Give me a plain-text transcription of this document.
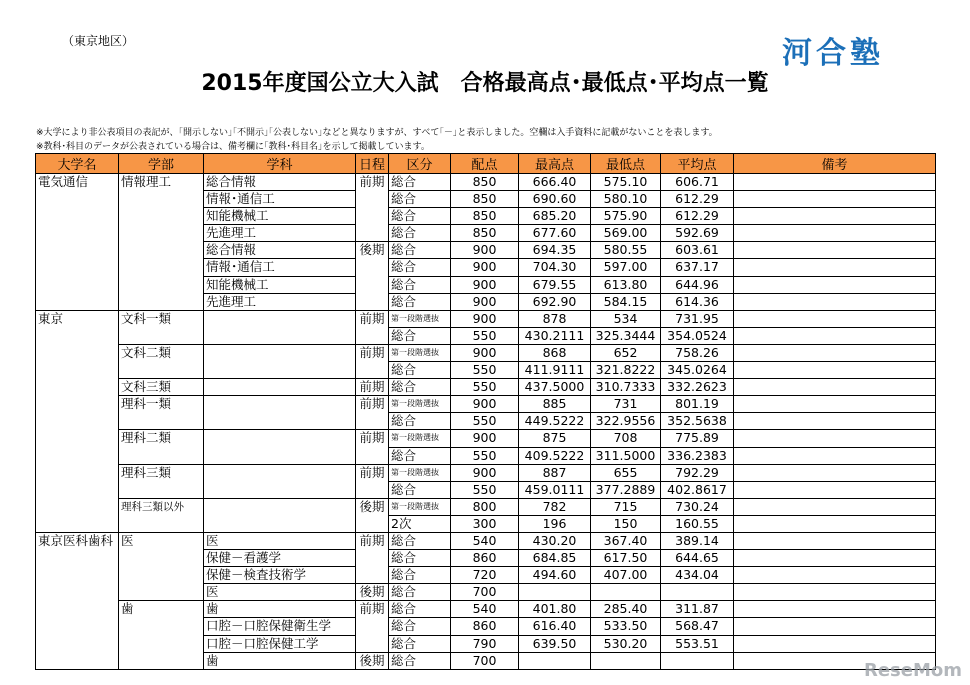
（東京地区）	河合塾
2015年度国公立大入試　合格最高点･最低点･平均点一覧
※大学により非公表項目の表記が、｢開示しない｣｢不開示｣｢公表しない｣などと異なりますが、すべて｢－｣と表示しました。空欄は入手資料に記載がないことを表します。
※教科･科目のデータが公表されている場合は、備考欄に｢教科･科目名｣を示して掲載しています。
大学名	学部	学科	日程	区分	配点	最高点	最低点	平均点	備考
電気通信	情報理工	総合情報	前期	総合	850	666.40	575.10	606.71	
		情報･通信工		総合	850	690.60	580.10	612.29	
		知能機械工		総合	850	685.20	575.90	612.29	
		先進理工		総合	850	677.60	569.00	592.69	
		総合情報	後期	総合	900	694.35	580.55	603.61	
		情報･通信工		総合	900	704.30	597.00	637.17	
		知能機械工		総合	900	679.55	613.80	644.96	
		先進理工		総合	900	692.90	584.15	614.36	
東京	文科一類		前期	第一段階選抜	900	878	534	731.95	
				総合	550	430.2111	325.3444	354.0524	
	文科二類		前期	第一段階選抜	900	868	652	758.26	
				総合	550	411.9111	321.8222	345.0264	
	文科三類		前期	総合	550	437.5000	310.7333	332.2623	
	理科一類		前期	第一段階選抜	900	885	731	801.19	
				総合	550	449.5222	322.9556	352.5638	
	理科二類		前期	第一段階選抜	900	875	708	775.89	
				総合	550	409.5222	311.5000	336.2383	
	理科三類		前期	第一段階選抜	900	887	655	792.29	
				総合	550	459.0111	377.2889	402.8617	
	理科三類以外		後期	第一段階選抜	800	782	715	730.24	
				2次	300	196	150	160.55	
東京医科歯科	医	医	前期	総合	540	430.20	367.40	389.14	
		保健－看護学		総合	860	684.85	617.50	644.65	
		保健－検査技術学		総合	720	494.60	407.00	434.04	
		医	後期	総合	700				
	歯	歯	前期	総合	540	401.80	285.40	311.87	
		口腔－口腔保健衛生学		総合	860	616.40	533.50	568.47	
		口腔－口腔保健工学		総合	790	639.50	530.20	553.51	
		歯	後期	総合	700					ReseMom
